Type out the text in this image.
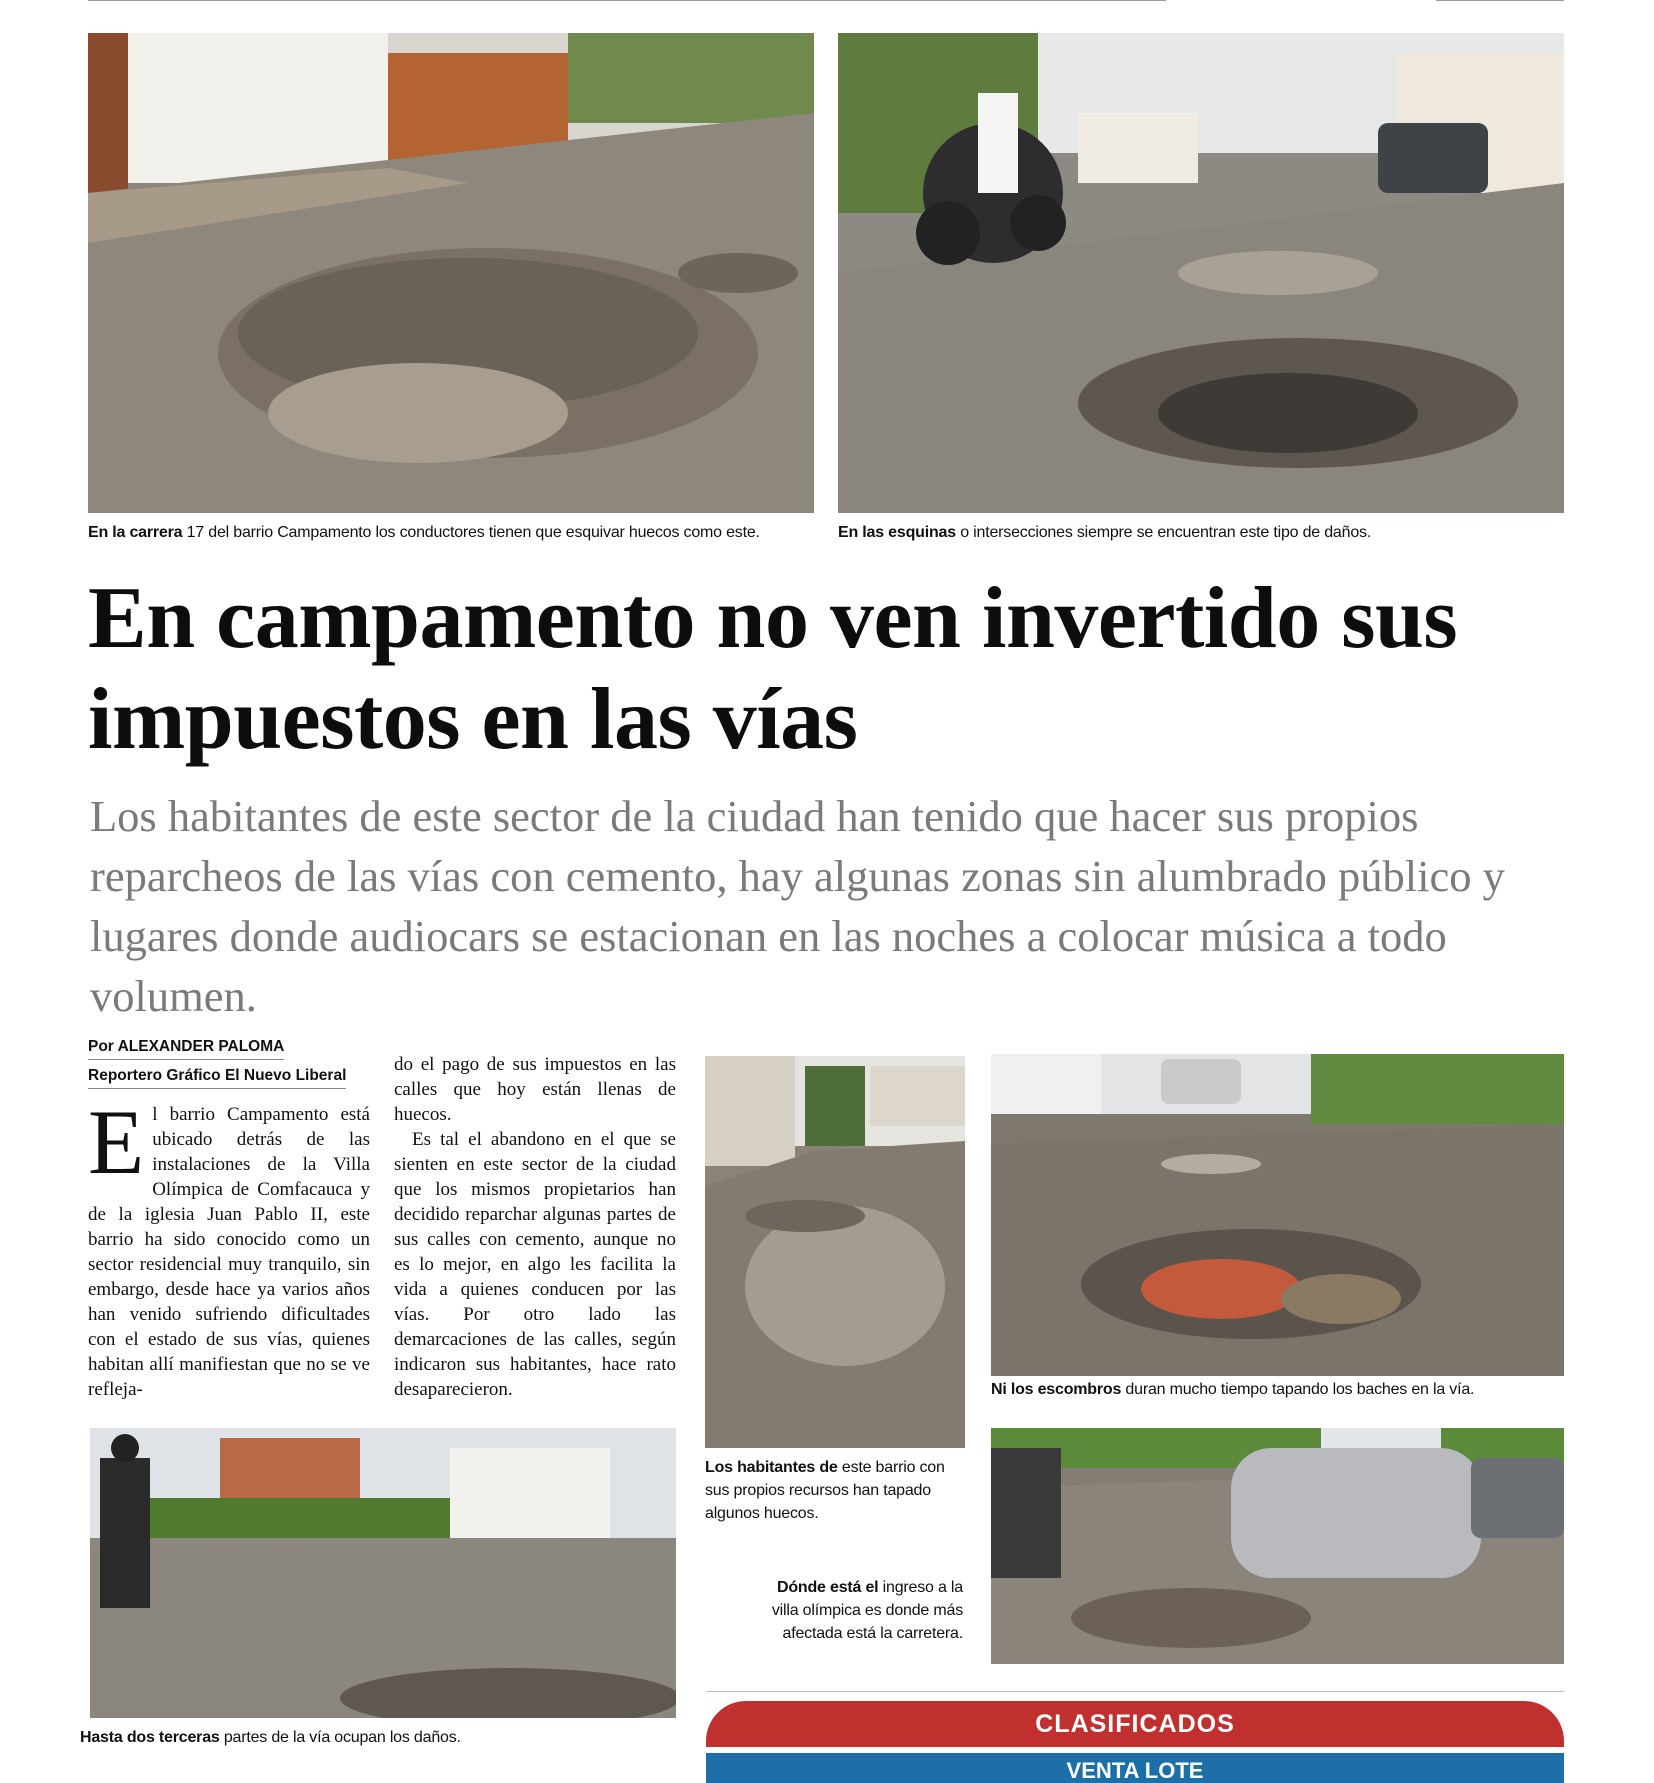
En la carrera 17 del barrio Campamento los conductores tienen que esquivar huecos como este.	En las esquinas o intersecciones siempre se encuentran este tipo de daños.
En campamento no ven invertido sus impuestos en las vías

Los habitantes de este sector de la ciudad han tenido que hacer sus propios reparcheos de las vías con cemento, hay algunas zonas sin alumbrado público y lugares donde audiocars se estacionan en las noches a colocar música a todo volumen.

Por ALEXANDER PALOMA
Reportero Gráfico El Nuevo Liberal

El barrio Campamento está ubicado detrás de las instalaciones de la Villa Olímpica de Comfacauca y de la iglesia Juan Pablo II, este barrio ha sido conocido como un sector residencial muy tranquilo, sin embargo, desde hace ya varios años han venido sufriendo dificultades con el estado de sus vías, quienes habitan allí manifiestan que no se ve refleja-

do el pago de sus impuestos en las calles que hoy están llenas de huecos.

Es tal el abandono en el que se sienten en este sector de la ciudad que los mismos propietarios han decidido reparchar algunas partes de sus calles con cemento, aunque no es lo mejor, en algo les facilita la vida a quienes conducen por las vías. Por otro lado las demarcaciones de las calles, según indicaron sus habitantes, hace rato desaparecieron.

Los habitantes de este barrio con sus propios recursos han tapado algunos huecos.
Ni los escombros duran mucho tiempo tapando los baches en la vía.
Hasta dos terceras partes de la vía ocupan los daños.
Dónde está el ingreso a la villa olímpica es donde más afectada está la carretera.
CLASIFICADOS
VENTA LOTE
